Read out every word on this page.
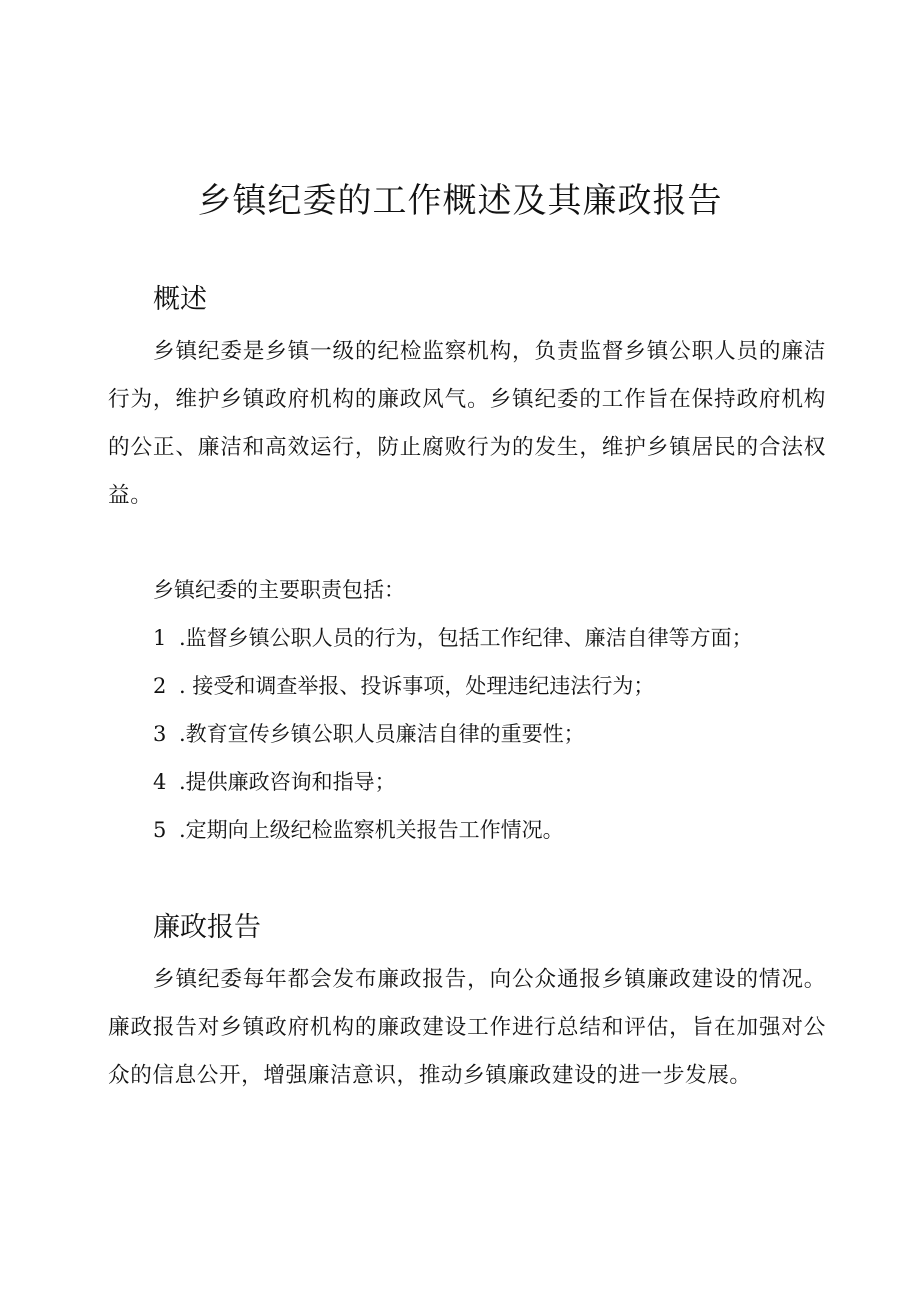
乡镇纪委的工作概述及其廉政报告
概述

乡镇纪委是乡镇一级的纪检监察机构，负责监督乡镇公职人员的廉洁行为，维护乡镇政府机构的廉政风气。乡镇纪委的工作旨在保持政府机构的公正、廉洁和高效运行，防止腐败行为的发生，维护乡镇居民的合法权益。

乡镇纪委的主要职责包括：

1 .监督乡镇公职人员的行为，包括工作纪律、廉洁自律等方面；
2 . 接受和调查举报、投诉事项，处理违纪违法行为；
3 .教育宣传乡镇公职人员廉洁自律的重要性；
4 .提供廉政咨询和指导；
5 .定期向上级纪检监察机关报告工作情况。
廉政报告

乡镇纪委每年都会发布廉政报告，向公众通报乡镇廉政建设的情况。廉政报告对乡镇政府机构的廉政建设工作进行总结和评估，旨在加强对公众的信息公开，增强廉洁意识，推动乡镇廉政建设的进一步发展。
